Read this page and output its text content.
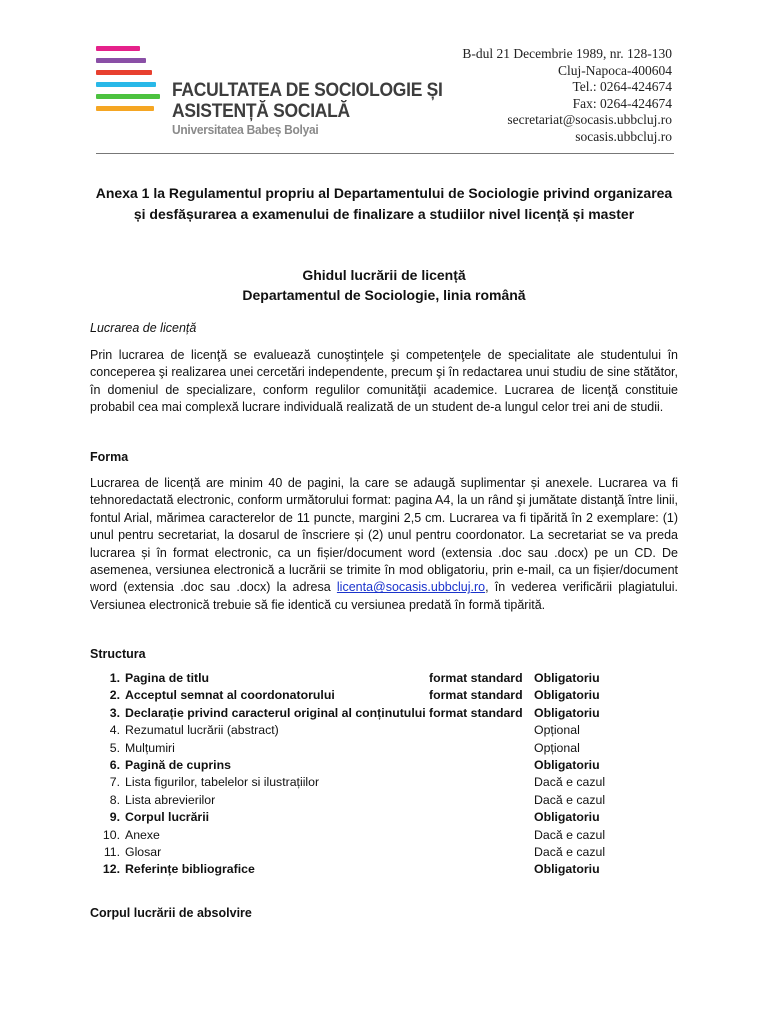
FACULTATEA DE SOCIOLOGIE ȘI
ASISTENȚĂ SOCIALĂ
Universitatea Babeș Bolyai
B-dul 21 Decembrie 1989, nr. 128-130
Cluj-Napoca-400604
Tel.: 0264-424674
Fax: 0264-424674
secretariat@socasis.ubbcluj.ro
socasis.ubbcluj.ro
Anexa 1 la Regulamentul propriu al Departamentului de Sociologie privind organizarea
și desfășurarea a examenului de finalizare a studiilor nivel licență și master
Ghidul lucrării de licență
Departamentul de Sociologie, linia română
Lucrarea de licență
Prin lucrarea de licenţă se evaluează cunoştinţele şi competenţele de specialitate ale studentului în conceperea şi realizarea unei cercetări independente, precum şi în redactarea unui studiu de sine stătător, în domeniul de specializare, conform regulilor comunităţii academice. Lucrarea de licenţă constituie probabil cea mai complexă lucrare individuală realizată de un student de-a lungul celor trei ani de studii.
Forma
Lucrarea de licență are minim 40 de pagini, la care se adaugă suplimentar și anexele. Lucrarea va fi tehnoredactată electronic, conform următorului format: pagina A4, la un rând şi jumătate distanţă între linii, fontul Arial, mărimea caracterelor de 11 puncte, margini 2,5 cm. Lucrarea va fi tipărită în 2 exemplare: (1) unul pentru secretariat, la dosarul de înscriere și (2) unul pentru coordonator. La secretariat se va preda lucrarea și în format electronic, ca un fișier/document word (extensia .doc sau .docx) pe un CD. De asemenea, versiunea electronică a lucrării se trimite în mod obligatoriu, prin e-mail, ca un fișier/document word (extensia .doc sau .docx) la adresa licenta@socasis.ubbcluj.ro, în vederea verificării plagiatului. Versiunea electronică trebuie să fie identică cu versiunea predată în formă tipărită.
Structura
1. Pagina de titlu	format standard Obligatoriu
2. Acceptul semnat al coordonatorului	format standard Obligatoriu
3. Declarație privind caracterul original al conținutului format standard Obligatoriu
4. Rezumatul lucrării (abstract)	Opțional
5. Mulțumiri	Opțional
6. Pagină de cuprins	Obligatoriu
7. Lista figurilor, tabelelor si ilustrațiilor	Dacă e cazul
8. Lista abrevierilor	Dacă e cazul
9. Corpul lucrării	Obligatoriu
10. Anexe	Dacă e cazul
11. Glosar	Dacă e cazul
12. Referințe bibliografice	Obligatoriu
Corpul lucrării de absolvire
